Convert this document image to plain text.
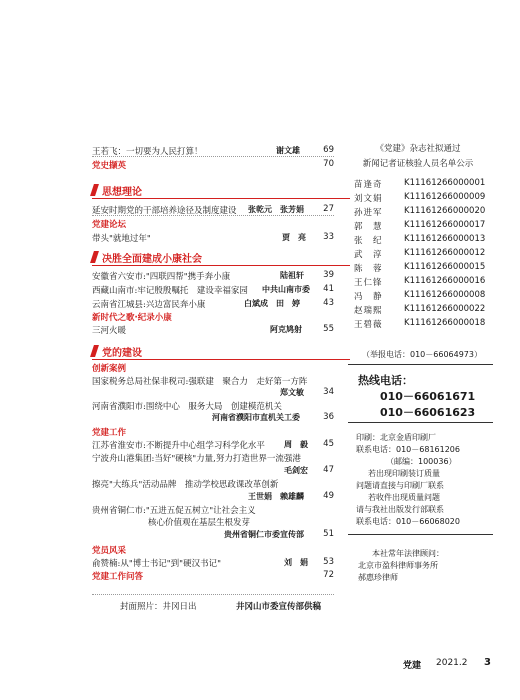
王若飞：一切要为人民打算！	谢文雄	69
党史撷英	70
思想理论
延安时期党的干部培养途径及制度建设 张乾元　张芳娟	27
党建论坛
带头"就地过年"	贾　亮	33
决胜全面建成小康社会
安徽省六安市:"四联四帮"携手奔小康	陆祖轩	39
西藏山南市:牢记殷殷嘱托　建设幸福家园 中共山南市委	41
云南省江城县:兴边富民奔小康	白斌成　田　婷	43
新时代之歌·纪录小康
三河火暖	阿克鸠射	55
党的建设
创新案例
国家税务总局社保非税司:强联建　聚合力　走好第一方阵
郑文敏	34
河南省濮阳市:围绕中心　服务大局　创建模范机关
河南省濮阳市直机关工委	36
党建工作
江苏省淮安市:不断提升中心组学习科学化水平 周　毅	45
宁波舟山港集团:当好"硬核"力量,努力打造世界一流强港
毛剑宏	47
擦亮"大练兵"活动品牌　推动学校思政课改革创新
王世娟　赖雄麟	49
贵州省铜仁市:"五进五促五树立"让社会主义
核心价值观在基层生根发芽
贵州省铜仁市委宣传部	51
党员风采
俞赞楠:从"博士书记"到"硬汉书记"	刘　娟	53
党建工作问答	72
封面照片：井冈日出	井冈山市委宣传部供稿
《党建》杂志社拟通过
新闻记者证核验人员名单公示
苗逢奇	K11161266000001
刘文娟	K11161266000009
孙进军	K11161266000020
郭　慧	K11161266000017
张　纪	K11161266000013
武　淳	K11161266000012
陈　蓉	K11161266000015
王仁锋	K11161266000016
冯　静	K11161266000008
赵瑞熙	K11161266000022
王碧薇	K11161266000018
（举报电话：010－66064973）
热线电话：
010－66061671
010－66061623
印刷：北京金盾印刷厂
联系电话：010－68161206
（邮编：100036）
若出现印刷装订质量
问题请直接与印刷厂联系
若收件出现质量问题
请与我社出版发行部联系
联系电话：010－66068020
本社常年法律顾问：
北京市盈科律师事务所
郝惠珍律师
党建 2021.2 3
